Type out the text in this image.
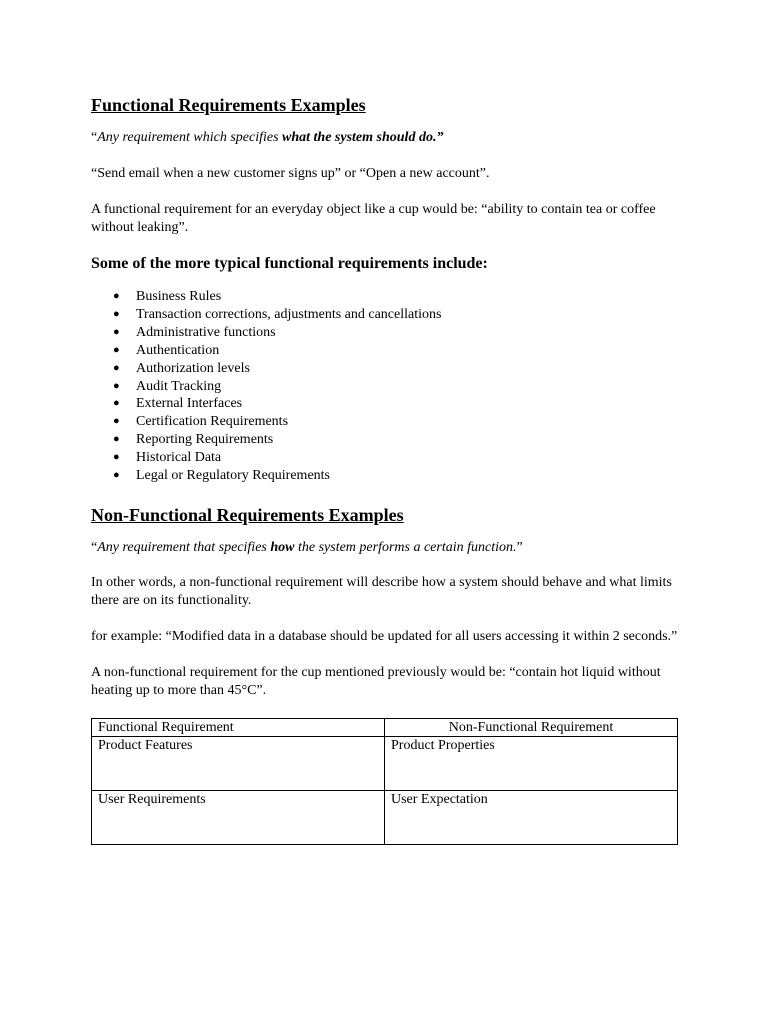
Functional Requirements Examples

“Any requirement which specifies what the system should do.”

“Send email when a new customer signs up” or “Open a new account”.

A functional requirement for an everyday object like a cup would be: “ability to contain tea or coffee without leaking”.

Some of the more typical functional requirements include:
● Business Rules
● Transaction corrections, adjustments and cancellations
● Administrative functions
● Authentication
● Authorization levels
● Audit Tracking
● External Interfaces
● Certification Requirements
● Reporting Requirements
● Historical Data
● Legal or Regulatory Requirements
Non-Functional Requirements Examples

“Any requirement that specifies how the system performs a certain function.”

In other words, a non-functional requirement will describe how a system should behave and what limits there are on its functionality.

for example: “Modified data in a database should be updated for all users accessing it within 2 seconds.”

A non-functional requirement for the cup mentioned previously would be: “contain hot liquid without heating up to more than 45°C”.

Functional Requirement	Non-Functional Requirement
Product Features	Product Properties
User Requirements	User Expectation
